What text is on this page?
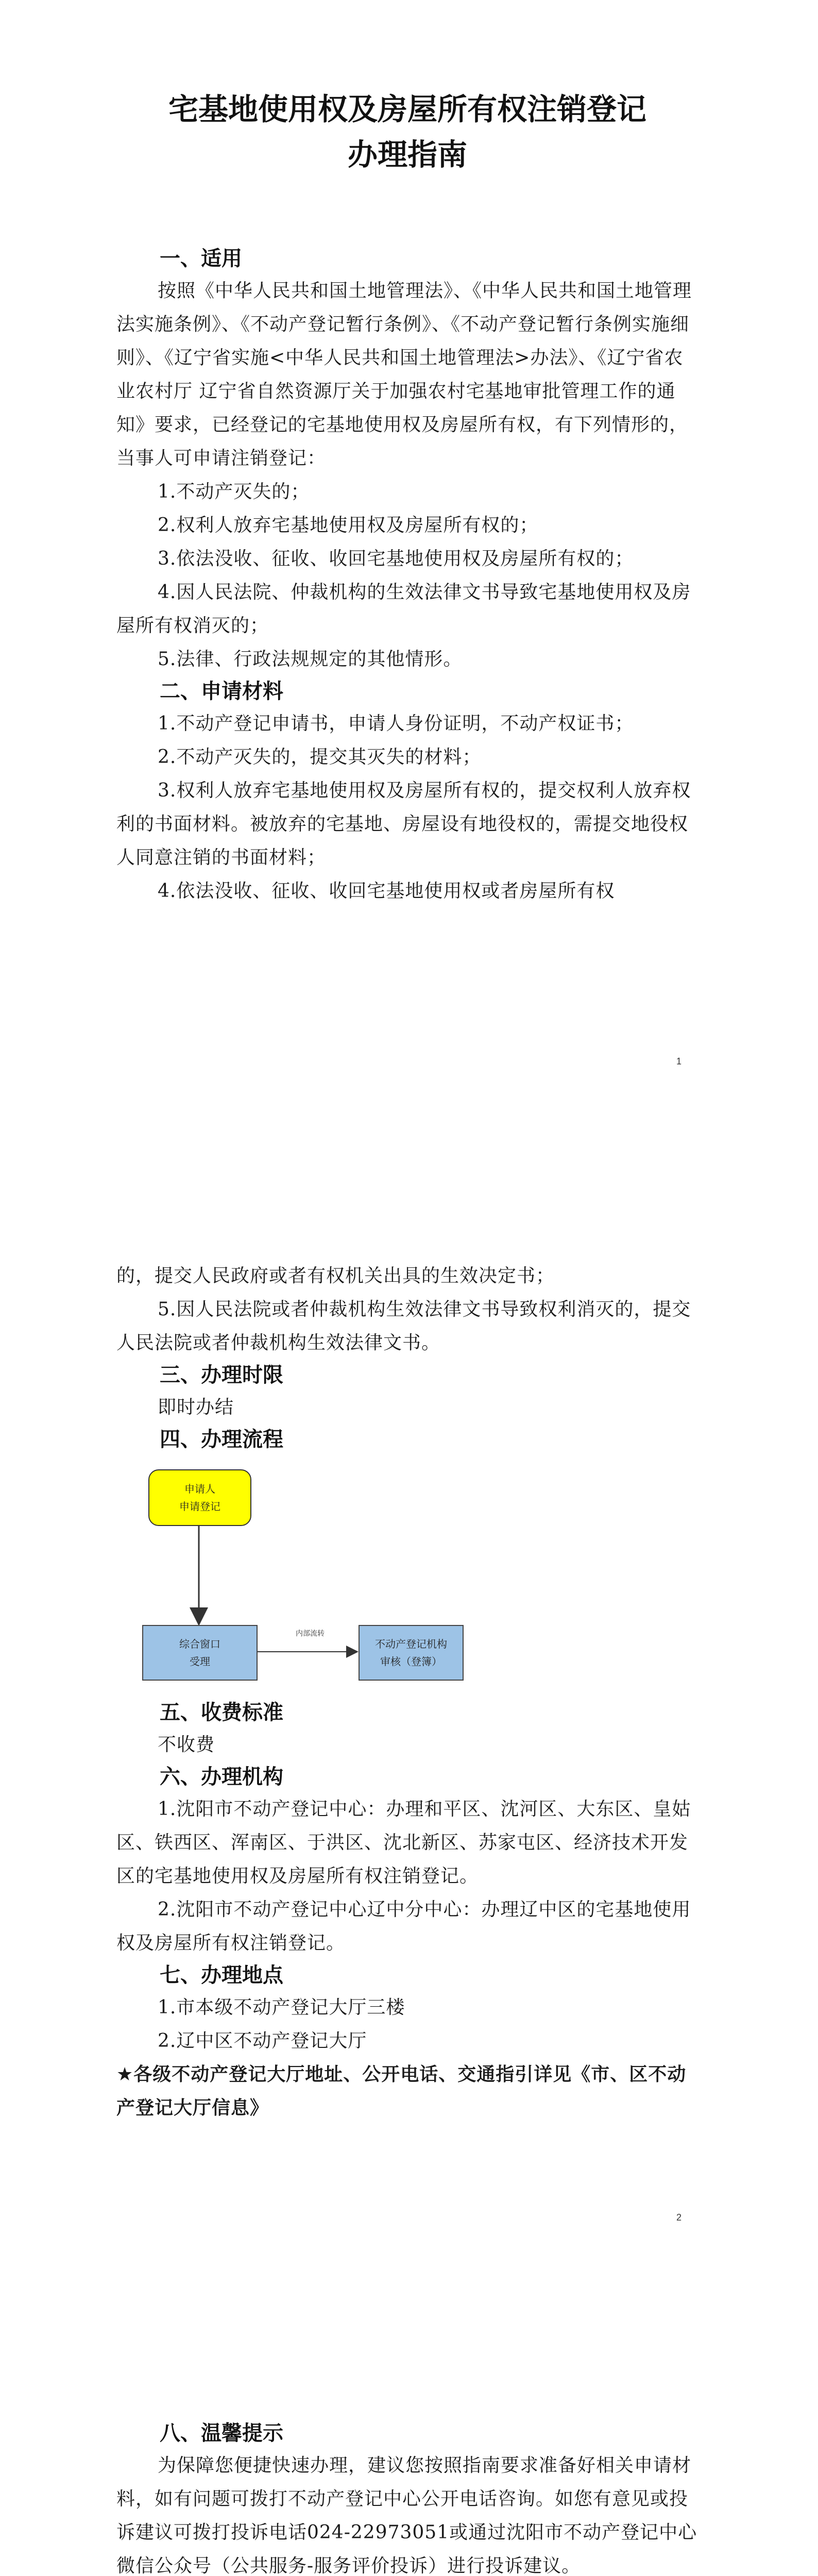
宅基地使用权及房屋所有权注销登记
办理指南
一、适用

按照《中华人民共和国土地管理法》、《中华人民共和国土地管理法实施条例》、《不动产登记暂行条例》、《不动产登记暂行条例实施细则》、《辽宁省实施<中华人民共和国土地管理法>办法》、《辽宁省农业农村厅 辽宁省自然资源厅关于加强农村宅基地审批管理工作的通知》要求，已经登记的宅基地使用权及房屋所有权，有下列情形的，当事人可申请注销登记：

1.不动产灭失的；

2.权利人放弃宅基地使用权及房屋所有权的；

3.依法没收、征收、收回宅基地使用权及房屋所有权的；

4.因人民法院、仲裁机构的生效法律文书导致宅基地使用权及房屋所有权消灭的；

5.法律、行政法规规定的其他情形。

二、申请材料

1.不动产登记申请书，申请人身份证明，不动产权证书；

2.不动产灭失的，提交其灭失的材料；

3.权利人放弃宅基地使用权及房屋所有权的，提交权利人放弃权利的书面材料。被放弃的宅基地、房屋设有地役权的，需提交地役权人同意注销的书面材料；

4.依法没收、征收、收回宅基地使用权或者房屋所有权

1

的，提交人民政府或者有权机关出具的生效决定书；

5.因人民法院或者仲裁机构生效法律文书导致权利消灭的，提交人民法院或者仲裁机构生效法律文书。

三、办理时限

即时办结

四、办理流程
申请人
申请登记
综合窗口
受理
内部流转
不动产登记机构
审核（登簿）
五、收费标准

不收费

六、办理机构

1.沈阳市不动产登记中心：办理和平区、沈河区、大东区、皇姑区、铁西区、浑南区、于洪区、沈北新区、苏家屯区、经济技术开发区的宅基地使用权及房屋所有权注销登记。

2.沈阳市不动产登记中心辽中分中心：办理辽中区的宅基地使用权及房屋所有权注销登记。

七、办理地点

1.市本级不动产登记大厅三楼

2.辽中区不动产登记大厅

★各级不动产登记大厅地址、公开电话、交通指引详见《市、区不动产登记大厅信息》

2
八、温馨提示

为保障您便捷快速办理，建议您按照指南要求准备好相关申请材料，如有问题可拨打不动产登记中心公开电话咨询。如您有意见或投诉建议可拨打投诉电话024-22973051或通过沈阳市不动产登记中心微信公众号（公共服务-服务评价投诉）进行投诉建议。
